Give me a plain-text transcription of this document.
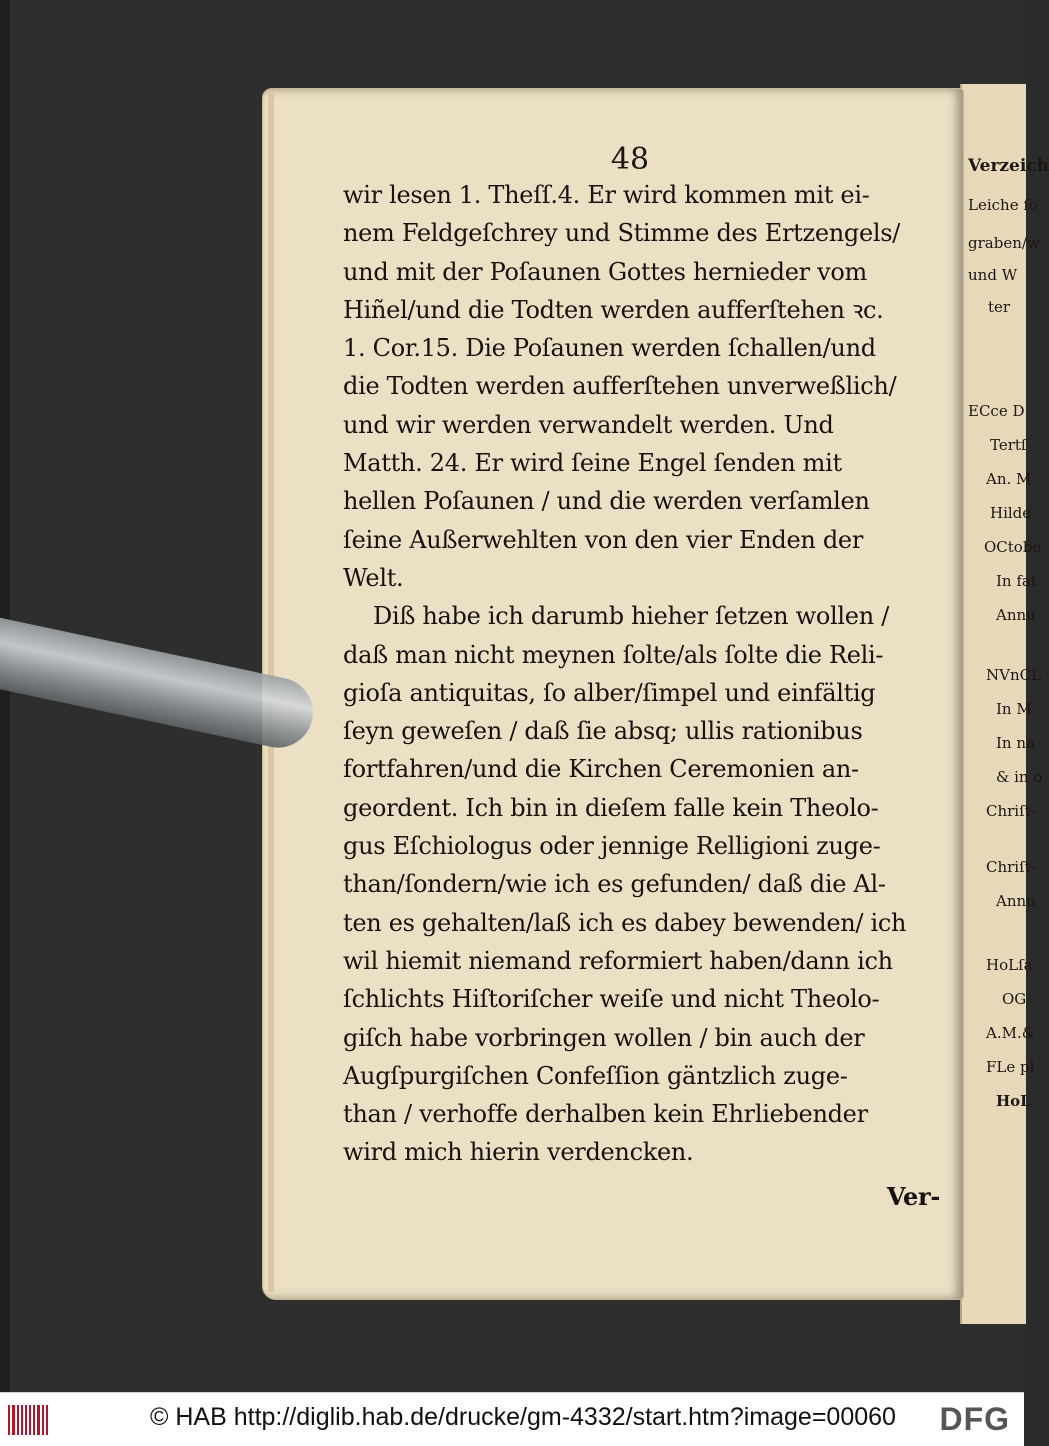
Verzeich
Leiche ſo
graben/w
und W
ter
ECce D
Tertſ
An. M
Hilde
OCtobe
In fat
Annu
NVnCL
In M
In na
& in o
Chriſt-
Chriſt-
Annu
HoLſa
OG
A.M.&
FLe pl
HoL
48
wir lesen 1. Theſſ.4. Er wird kommen mit ei-
nem Feldgeſchrey und Stimme des Ertzengels/
und mit der Poſaunen Gottes hernieder vom
Hiñel/und die Todten werden aufferſtehen ꝛc.
1. Cor.15. Die Poſaunen werden ſchallen/und
die Todten werden aufferſtehen unverweßlich/
und wir werden verwandelt werden. Und
Matth. 24. Er wird ſeine Engel ſenden mit
hellen Poſaunen / und die werden verſamlen
ſeine Außerwehlten von den vier Enden der
Welt.
Diß habe ich darumb hieher ſetzen wollen /
daß man nicht meynen ſolte/als ſolte die Reli-
gioſa antiquitas, ſo alber/ſimpel und einfältig
ſeyn geweſen / daß ſie absq; ullis rationibus
fortfahren/und die Kirchen Ceremonien an-
geordent. Ich bin in dieſem falle kein Theolo-
gus Eſchiologus oder jennige Relligioni zuge-
than/ſondern/wie ich es gefunden/ daß die Al-
ten es gehalten/laß ich es dabey bewenden/ ich
wil hiemit niemand reformiert haben/dann ich
ſchlichts Hiſtoriſcher weiſe und nicht Theolo-
giſch habe vorbringen wollen / bin auch der
Augſpurgiſchen Confeſſion gäntzlich zuge-
than / verhoffe derhalben kein Ehrliebender
wird mich hierin verdencken.
Ver-
© HAB http://diglib.hab.de/drucke/gm-4332/start.htm?image=00060 DFG
